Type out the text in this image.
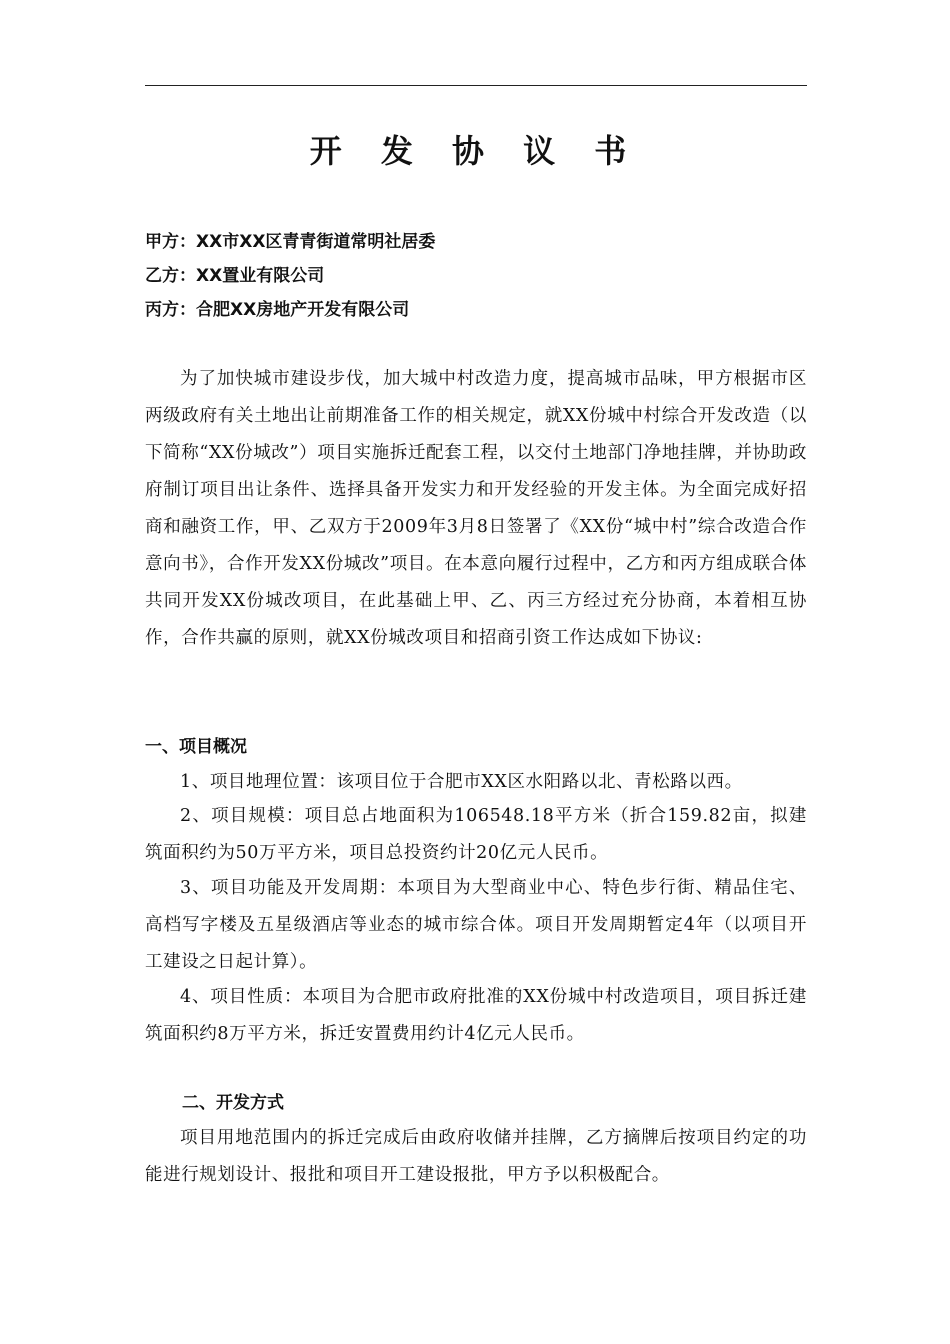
开 发 协 议 书
甲方：XX市XX区青青街道常明社居委
乙方：XX置业有限公司
丙方：合肥XX房地产开发有限公司

为了加快城市建设步伐，加大城中村改造力度，提高城市品味，甲方根据市区两级政府有关土地出让前期准备工作的相关规定，就XX份城中村综合开发改造（以下简称“XX份城改”）项目实施拆迁配套工程，以交付土地部门净地挂牌，并协助政府制订项目出让条件、选择具备开发实力和开发经验的开发主体。为全面完成好招商和融资工作，甲、乙双方于2009年3月8日签署了《XX份“城中村”综合改造合作意向书》，合作开发XX份城改”项目。在本意向履行过程中，乙方和丙方组成联合体共同开发XX份城改项目，在此基础上甲、乙、丙三方经过充分协商，本着相互协作，合作共赢的原则，就XX份城改项目和招商引资工作达成如下协议:

一、项目概况

1、项目地理位置：该项目位于合肥市XX区水阳路以北、青松路以西。

2、项目规模：项目总占地面积为106548.18平方米（折合159.82亩，拟建筑面积约为50万平方米，项目总投资约计20亿元人民币。

3、项目功能及开发周期：本项目为大型商业中心、特色步行街、精品住宅、高档写字楼及五星级酒店等业态的城市综合体。项目开发周期暂定4年（以项目开工建设之日起计算）。

4、项目性质：本项目为合肥市政府批准的XX份城中村改造项目，项目拆迁建筑面积约8万平方米，拆迁安置费用约计4亿元人民币。

二、开发方式

项目用地范围内的拆迁完成后由政府收储并挂牌，乙方摘牌后按项目约定的功能进行规划设计、报批和项目开工建设报批，甲方予以积极配合。
